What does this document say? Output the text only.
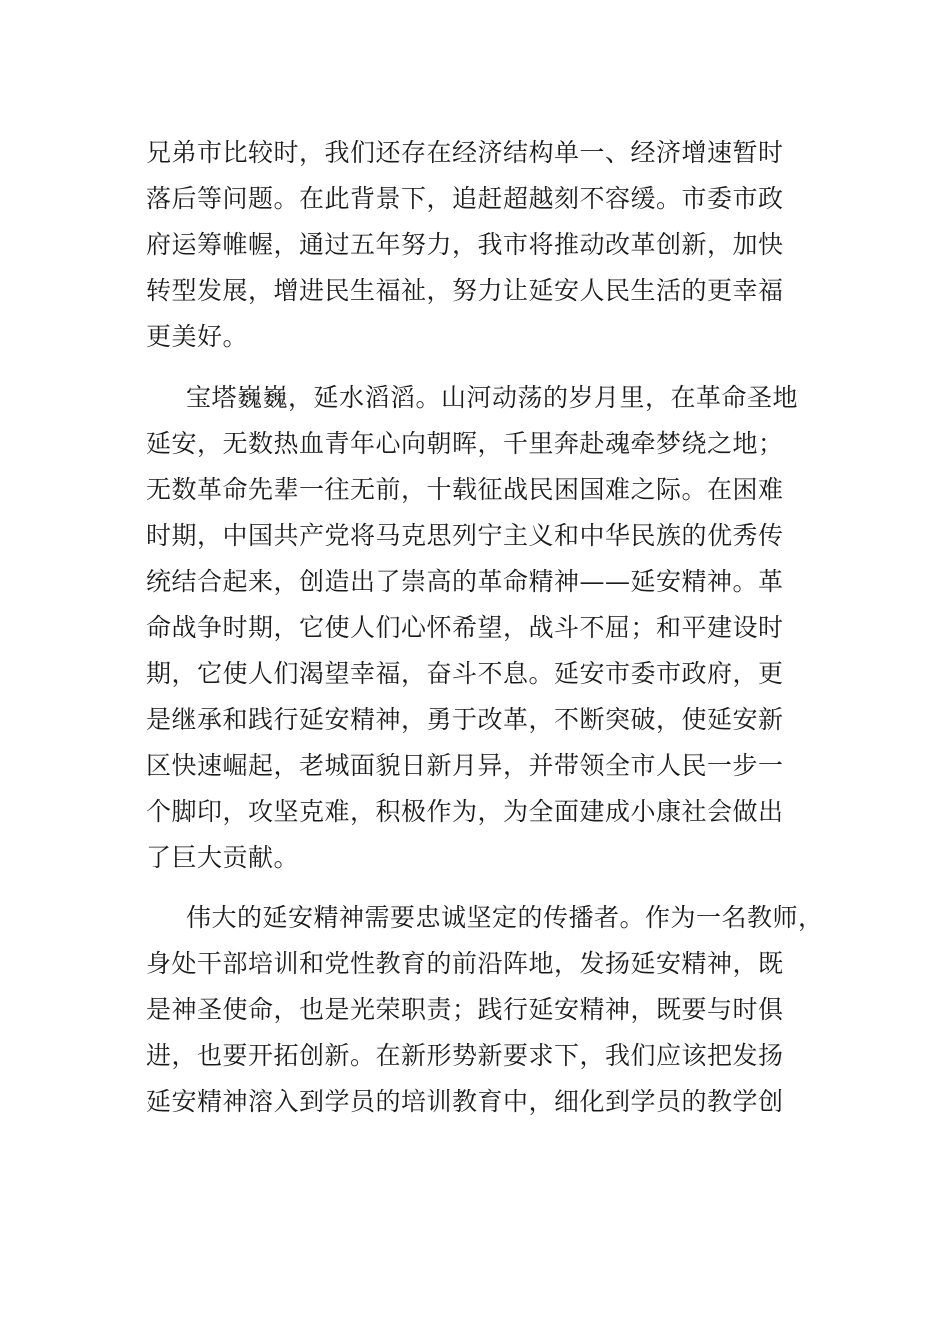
兄弟市比较时，我们还存在经济结构单一、经济增速暂时
落后等问题。在此背景下，追赶超越刻不容缓。市委市政
府运筹帷幄，通过五年努力，我市将推动改革创新，加快
转型发展，增进民生福祉，努力让延安人民生活的更幸福
更美好。
宝塔巍巍，延水滔滔。山河动荡的岁月里，在革命圣地
延安，无数热血青年心向朝晖，千里奔赴魂牵梦绕之地；
无数革命先辈一往无前，十载征战民困国难之际。在困难
时期，中国共产党将马克思列宁主义和中华民族的优秀传
统结合起来，创造出了崇高的革命精神——延安精神。革
命战争时期，它使人们心怀希望，战斗不屈；和平建设时
期，它使人们渴望幸福，奋斗不息。延安市委市政府，更
是继承和践行延安精神，勇于改革，不断突破，使延安新
区快速崛起，老城面貌日新月异，并带领全市人民一步一
个脚印，攻坚克难，积极作为，为全面建成小康社会做出
了巨大贡献。
伟大的延安精神需要忠诚坚定的传播者。作为一名教师，
身处干部培训和党性教育的前沿阵地，发扬延安精神，既
是神圣使命，也是光荣职责；践行延安精神，既要与时俱
进，也要开拓创新。在新形势新要求下，我们应该把发扬
延安精神溶入到学员的培训教育中，细化到学员的教学创
